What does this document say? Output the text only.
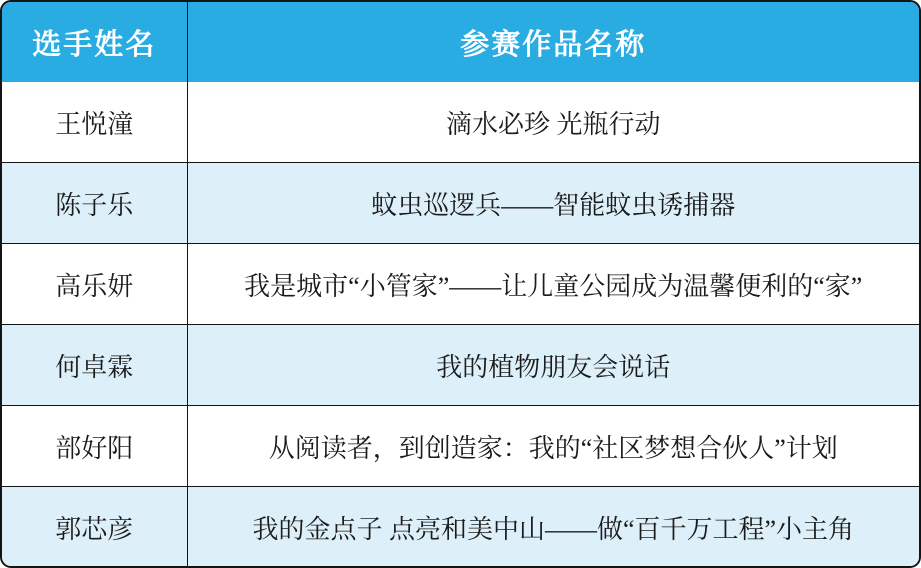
选手姓名	参赛作品名称
王悦潼	滴水必珍 光瓶行动
陈子乐	蚊虫巡逻兵——智能蚊虫诱捕器
高乐妍	我是城市“小管家”——让儿童公园成为温馨便利的“家”
何卓霖	我的植物朋友会说话
部好阳	从阅读者，到创造家：我的“社区梦想合伙人”计划
郭芯彦	我的金点子 点亮和美中山——做“百千万工程”小主角
